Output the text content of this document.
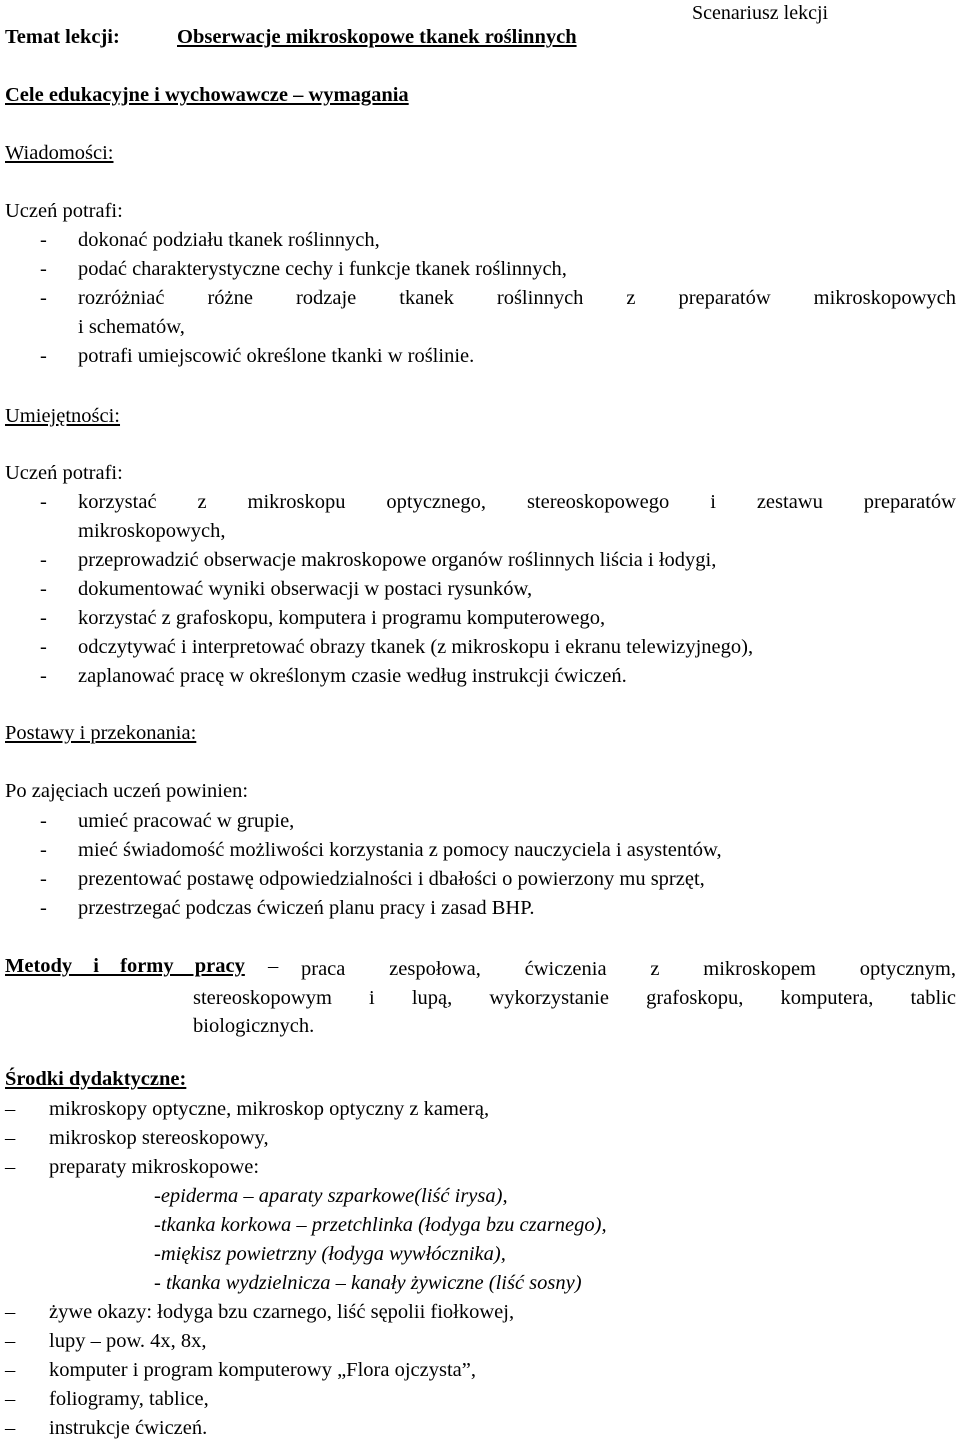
Scenariusz lekcji
Temat lekcji:	Obserwacje mikroskopowe tkanek roślinnych
Cele edukacyjne i wychowawcze – wymagania
Wiadomości:
Uczeń potrafi:
- dokonać podziału tkanek roślinnych,
- podać charakterystyczne cechy i funkcje tkanek roślinnych,
- rozróżniać różne rodzaje tkanek roślinnych z preparatów mikroskopowych
i schematów,
- potrafi umiejscowić określone tkanki w roślinie.
Umiejętności:
Uczeń potrafi:
- korzystać z mikroskopu optycznego, stereoskopowego i zestawu preparatów
mikroskopowych,
- przeprowadzić obserwacje makroskopowe organów roślinnych liścia i łodygi,
- dokumentować wyniki obserwacji w postaci rysunków,
- korzystać z grafoskopu, komputera i programu komputerowego,
- odczytywać i interpretować obrazy tkanek (z mikroskopu i ekranu telewizyjnego),
- zaplanować pracę w określonym czasie według instrukcji ćwiczeń.
Postawy i przekonania:
Po zajęciach uczeń powinien:
- umieć pracować w grupie,
- mieć świadomość możliwości korzystania z pomocy nauczyciela i asystentów,
- prezentować postawę odpowiedzialności i dbałości o powierzony mu sprzęt,
- przestrzegać podczas ćwiczeń planu pracy i zasad BHP.
Metody i formy pracy –	praca zespołowa, ćwiczenia z mikroskopem optycznym,
stereoskopowym i lupą, wykorzystanie grafoskopu, komputera, tablic
biologicznych.
Środki dydaktyczne:
– mikroskopy optyczne, mikroskop optyczny z kamerą,
– mikroskop stereoskopowy,
– preparaty mikroskopowe:
-epiderma – aparaty szparkowe(liść irysa),
-tkanka korkowa – przetchlinka (łodyga bzu czarnego),
-miękisz powietrzny (łodyga wywłócznika),
- tkanka wydzielnicza – kanały żywiczne (liść sosny)
– żywe okazy: łodyga bzu czarnego, liść sępolii fiołkowej,
– lupy – pow. 4x, 8x,
– komputer i program komputerowy „Flora ojczysta”,
– foliogramy, tablice,
– instrukcje ćwiczeń.
